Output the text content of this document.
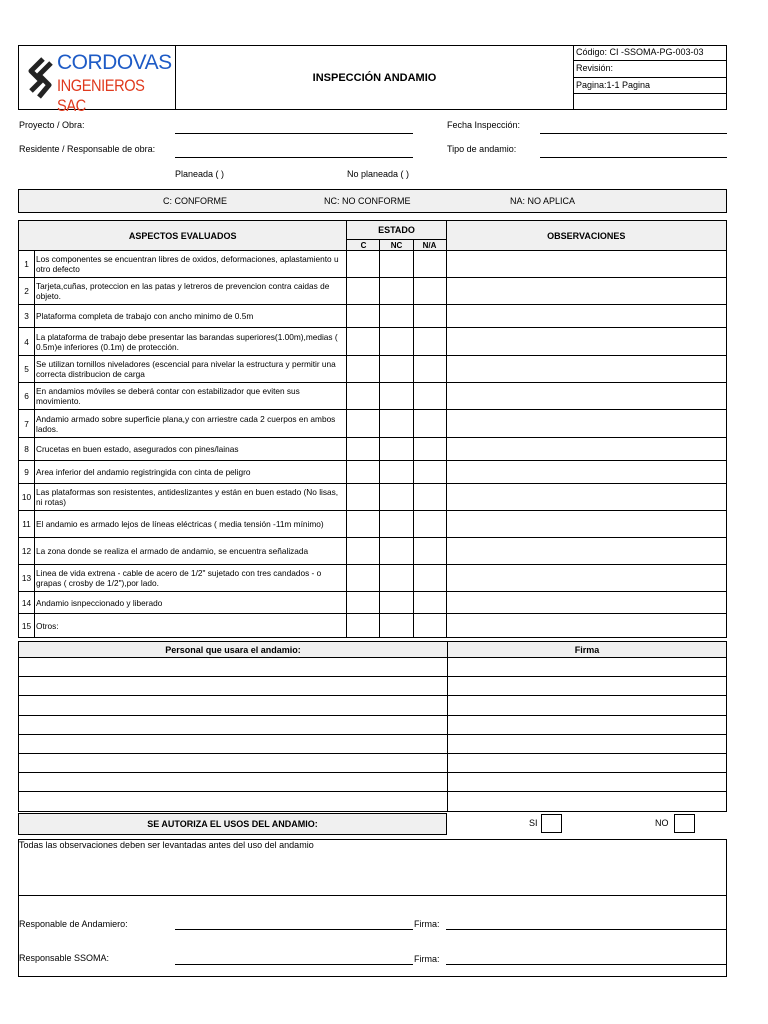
CORDOVAS
INGENIEROS SAC
INSPECCIÓN ANDAMIO
Código: CI -SSOMA-PG-003-03
Revisión:
Pagina:1-1 Pagina
Proyecto / Obra:	Fecha Inspección:
Residente / Responsable de obra:	Tipo de andamio:
Planeada ( )	No planeada ( )
C: CONFORME	NC: NO CONFORME	NA: NO APLICA
ASPECTOS EVALUADOS		ESTADO			OBSERVACIONES
		C	NC	N/A	
1	Los componentes se encuentran libres de oxidos, deformaciones, aplastamiento u otro defecto				
2	Tarjeta,cuñas, proteccion en las patas y letreros de prevencion contra caidas de objeto.				
3	Plataforma completa de trabajo con ancho minimo de 0.5m				
4	La plataforma de trabajo debe presentar las barandas superiores(1.00m),medias ( 0.5m)e inferiores (0.1m) de protección.				
5	Se utilizan tornillos niveladores (escencial para nivelar la estructura y permitir una correcta distribucion de carga				
6	En andamios móviles se deberá contar con estabilizador que eviten sus movimiento.				
7	Andamio armado sobre superficie plana,y con arriestre cada 2 cuerpos en ambos lados.				
8	Crucetas en buen estado, asegurados con pines/lainas				
9	Area inferior del andamio registringida con cinta de peligro				
10	Las plataformas son resistentes, antideslizantes y están en buen estado (No lisas, ni rotas)				
11	El andamio es armado lejos de líneas eléctricas ( media tensión -11m mínimo)				
12	La zona donde se realiza el armado de andamio, se encuentra señalizada				
13	Linea de vida extrena - cable de acero de 1/2" sujetado con tres candados - o grapas ( crosby de 1/2"),por lado.				
14	Andamio isnpeccionado y liberado				
15	Otros:				
Personal que usara el andamio:	Firma

SE AUTORIZA EL USOS DEL ANDAMIO:	SI	NO
Todas las observaciones deben ser levantadas antes del uso del andamio
Responable de Andamiero:	Firma:
Responsable SSOMA:	Firma:
